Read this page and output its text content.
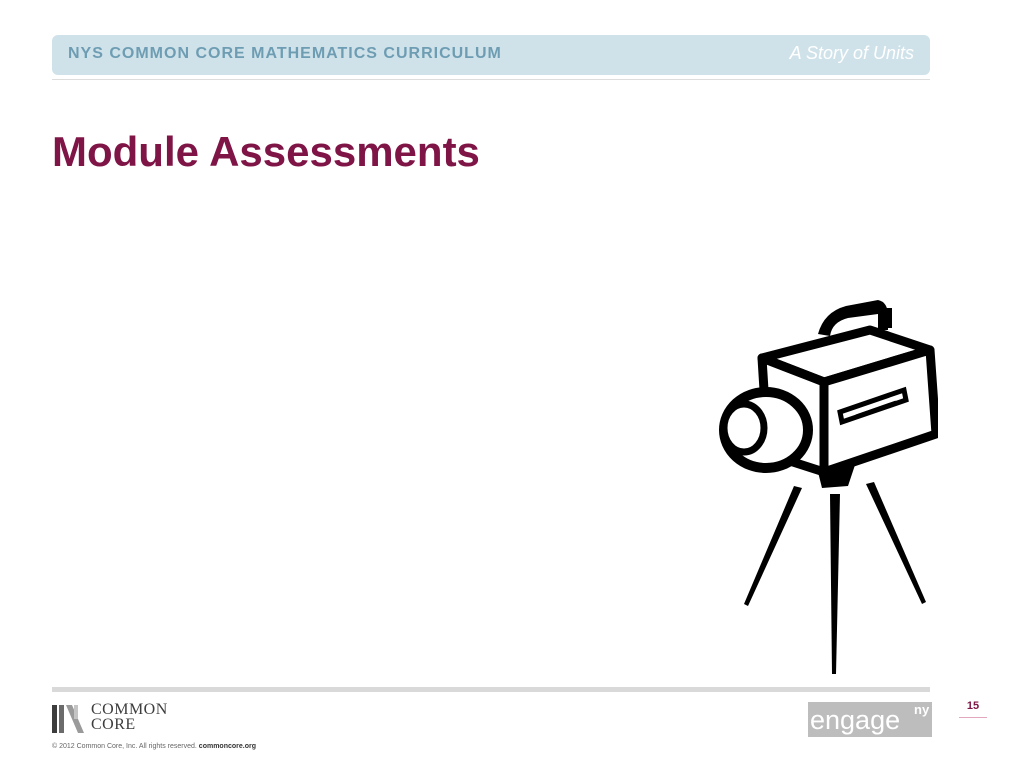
NYS COMMON CORE MATHEMATICS CURRICULUM	A Story of Units
Module Assessments
COMMON
CORE
© 2012 Common Core, Inc. All rights reserved. commoncore.org
engage ny	15
